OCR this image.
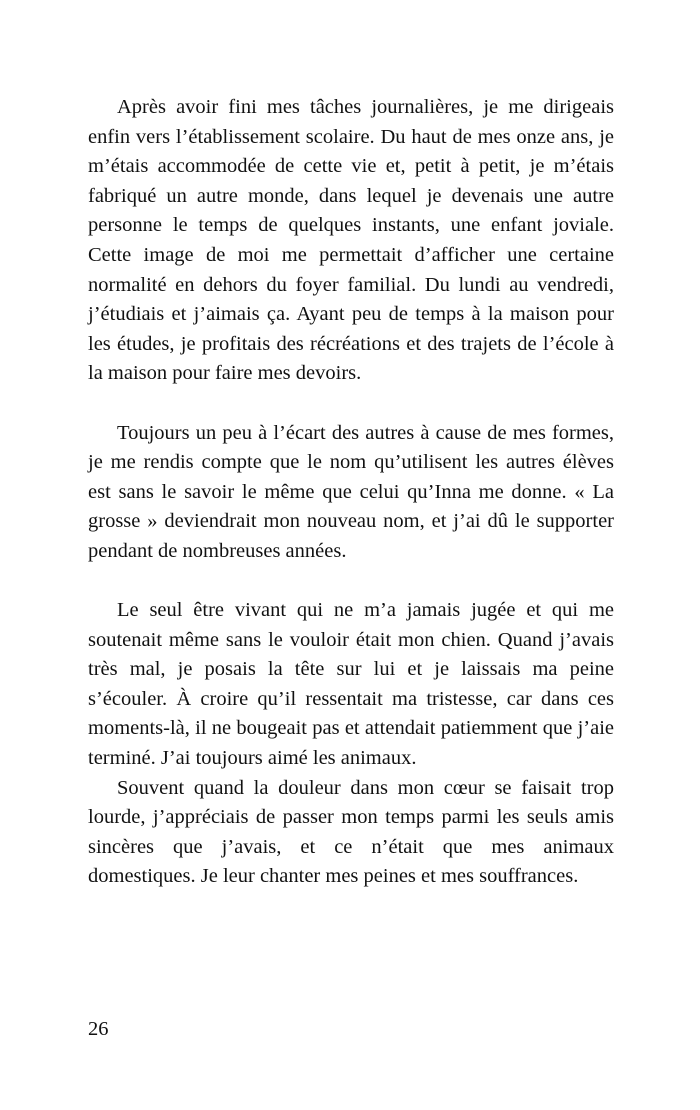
Après avoir fini mes tâches journalières, je me dirigeais enfin vers l’établissement scolaire. Du haut de mes onze ans, je m’étais accommodée de cette vie et, petit à petit, je m’étais fabriqué un autre monde, dans lequel je devenais une autre personne le temps de quelques instants, une enfant joviale. Cette image de moi me permettait d’afficher une certaine normalité en dehors du foyer familial. Du lundi au vendredi, j’étudiais et j’aimais ça. Ayant peu de temps à la maison pour les études, je profitais des récréations et des trajets de l’école à la maison pour faire mes devoirs.

Toujours un peu à l’écart des autres à cause de mes formes, je me rendis compte que le nom qu’utilisent les autres élèves est sans le savoir le même que celui qu’Inna me donne. « La grosse » deviendrait mon nouveau nom, et j’ai dû le supporter pendant de nombreuses années.

Le seul être vivant qui ne m’a jamais jugée et qui me soutenait même sans le vouloir était mon chien. Quand j’avais très mal, je posais la tête sur lui et je laissais ma peine s’écouler. À croire qu’il ressentait ma tristesse, car dans ces moments-là, il ne bougeait pas et attendait patiemment que j’aie terminé. J’ai toujours aimé les animaux.

Souvent quand la douleur dans mon cœur se faisait trop lourde, j’appréciais de passer mon temps parmi les seuls amis sincères que j’avais, et ce n’était que mes animaux domestiques. Je leur chanter mes peines et mes souffrances.

26
